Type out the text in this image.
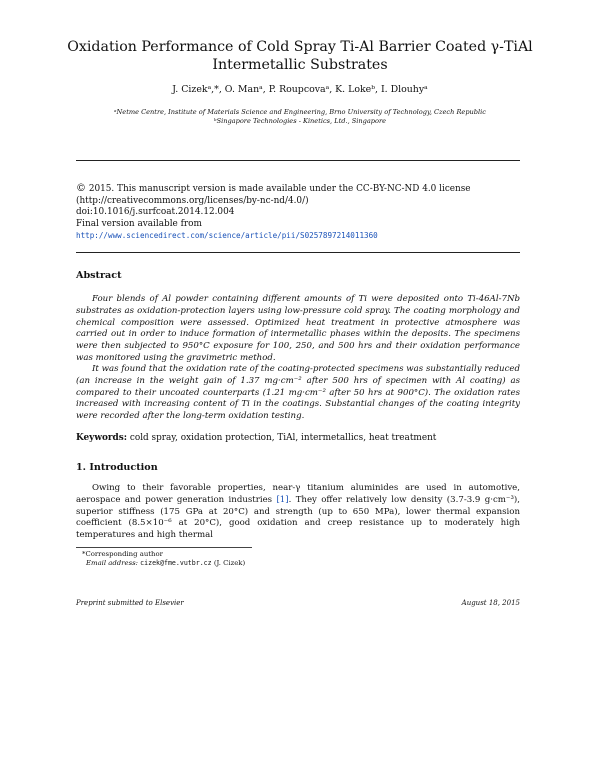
Oxidation Performance of Cold Spray Ti-Al Barrier Coated γ-TiAl
Intermetallic Substrates
J. Cizekᵃ,*, O. Manᵃ, P. Roupcovaᵃ, K. Lokeᵇ, I. Dlouhyᵃ
ᵃNetme Centre, Institute of Materials Science and Engineering, Brno University of Technology, Czech Republic
ᵇSingapore Technologies - Kinetics, Ltd., Singapore
© 2015. This manuscript version is made available under the CC-BY-NC-ND 4.0 license
(http://creativecommons.org/licenses/by-nc-nd/4.0/)
doi:10.1016/j.surfcoat.2014.12.004
Final version available from
http://www.sciencedirect.com/science/article/pii/S0257897214011360
Abstract
Four blends of Al powder containing different amounts of Ti were deposited onto Ti-46Al-7Nb substrates as oxidation-protection layers using low-pressure cold spray. The coating morphology and chemical composition were assessed. Optimized heat treatment in protective atmosphere was carried out in order to induce formation of intermetallic phases within the deposits. The specimens were then subjected to 950°C exposure for 100, 250, and 500 hrs and their oxidation performance was monitored using the gravimetric method.
It was found that the oxidation rate of the coating-protected specimens was substantially reduced (an increase in the weight gain of 1.37 mg·cm⁻² after 500 hrs of specimen with Al coating) as compared to their uncoated counterparts (1.21 mg·cm⁻² after 50 hrs at 900°C). The oxidation rates increased with increasing content of Ti in the coatings. Substantial changes of the coating integrity were recorded after the long-term oxidation testing.
Keywords: cold spray, oxidation protection, TiAl, intermetallics, heat treatment
1. Introduction
Owing to their favorable properties, near-γ titanium aluminides are used in automotive, aerospace and power generation industries [1]. They offer relatively low density (3.7-3.9 g·cm⁻³), superior stiffness (175 GPa at 20°C) and strength (up to 650 MPa), lower thermal expansion coefficient (8.5×10⁻⁶ at 20°C), good oxidation and creep resistance up to moderately high temperatures and high thermal
*Corresponding author
Email address: cizek@fme.vutbr.cz (J. Cizek)
Preprint submitted to Elsevier	August 18, 2015
